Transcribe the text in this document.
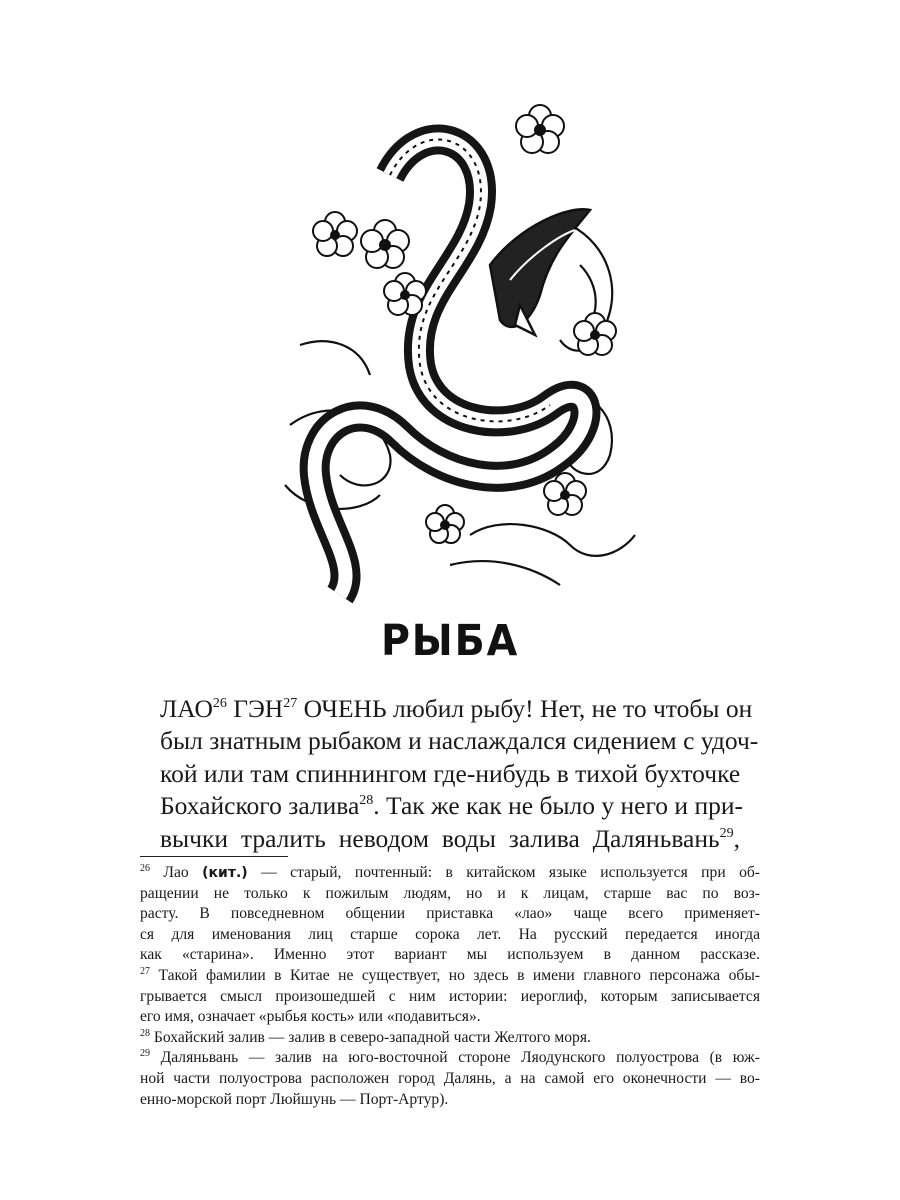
РЫБА
ЛАО$^{26}$ ГЭН$^{27}$ ОЧЕНЬ любил рыбу! Нет, не то чтобы он
был знатным рыбаком и наслаждался сидением с удоч-
кой или там спиннингом где-нибудь в тихой бухточке
Бохайского залива$^{28}$. Так же как не было у него и при-
вычки тралить неводом воды залива Даляньвань$^{29}$,
$^{26}$ Лао (кит.) — старый, почтенный: в китайском языке используется при об-
ращении не только к пожилым людям, но и к лицам, старше вас по воз-
расту. В повседневном общении приставка «лао» чаще всего применяет-
ся для именования лиц старше сорока лет. На русский передается иногда
как «старина». Именно этот вариант мы используем в данном рассказе.
$^{27}$ Такой фамилии в Китае не существует, но здесь в имени главного персонажа обы-
грывается смысл произошедшей с ним истории: иероглиф, которым записывается
его имя, означает «рыбья кость» или «подавиться».
$^{28}$ Бохайский залив — залив в северо-западной части Желтого моря.
$^{29}$ Даляньвань — залив на юго-восточной стороне Ляодунского полуострова (в юж-
ной части полуострова расположен город Далянь, а на самой его оконечности — во-
енно-морской порт Люйшунь — Порт-Артур).
